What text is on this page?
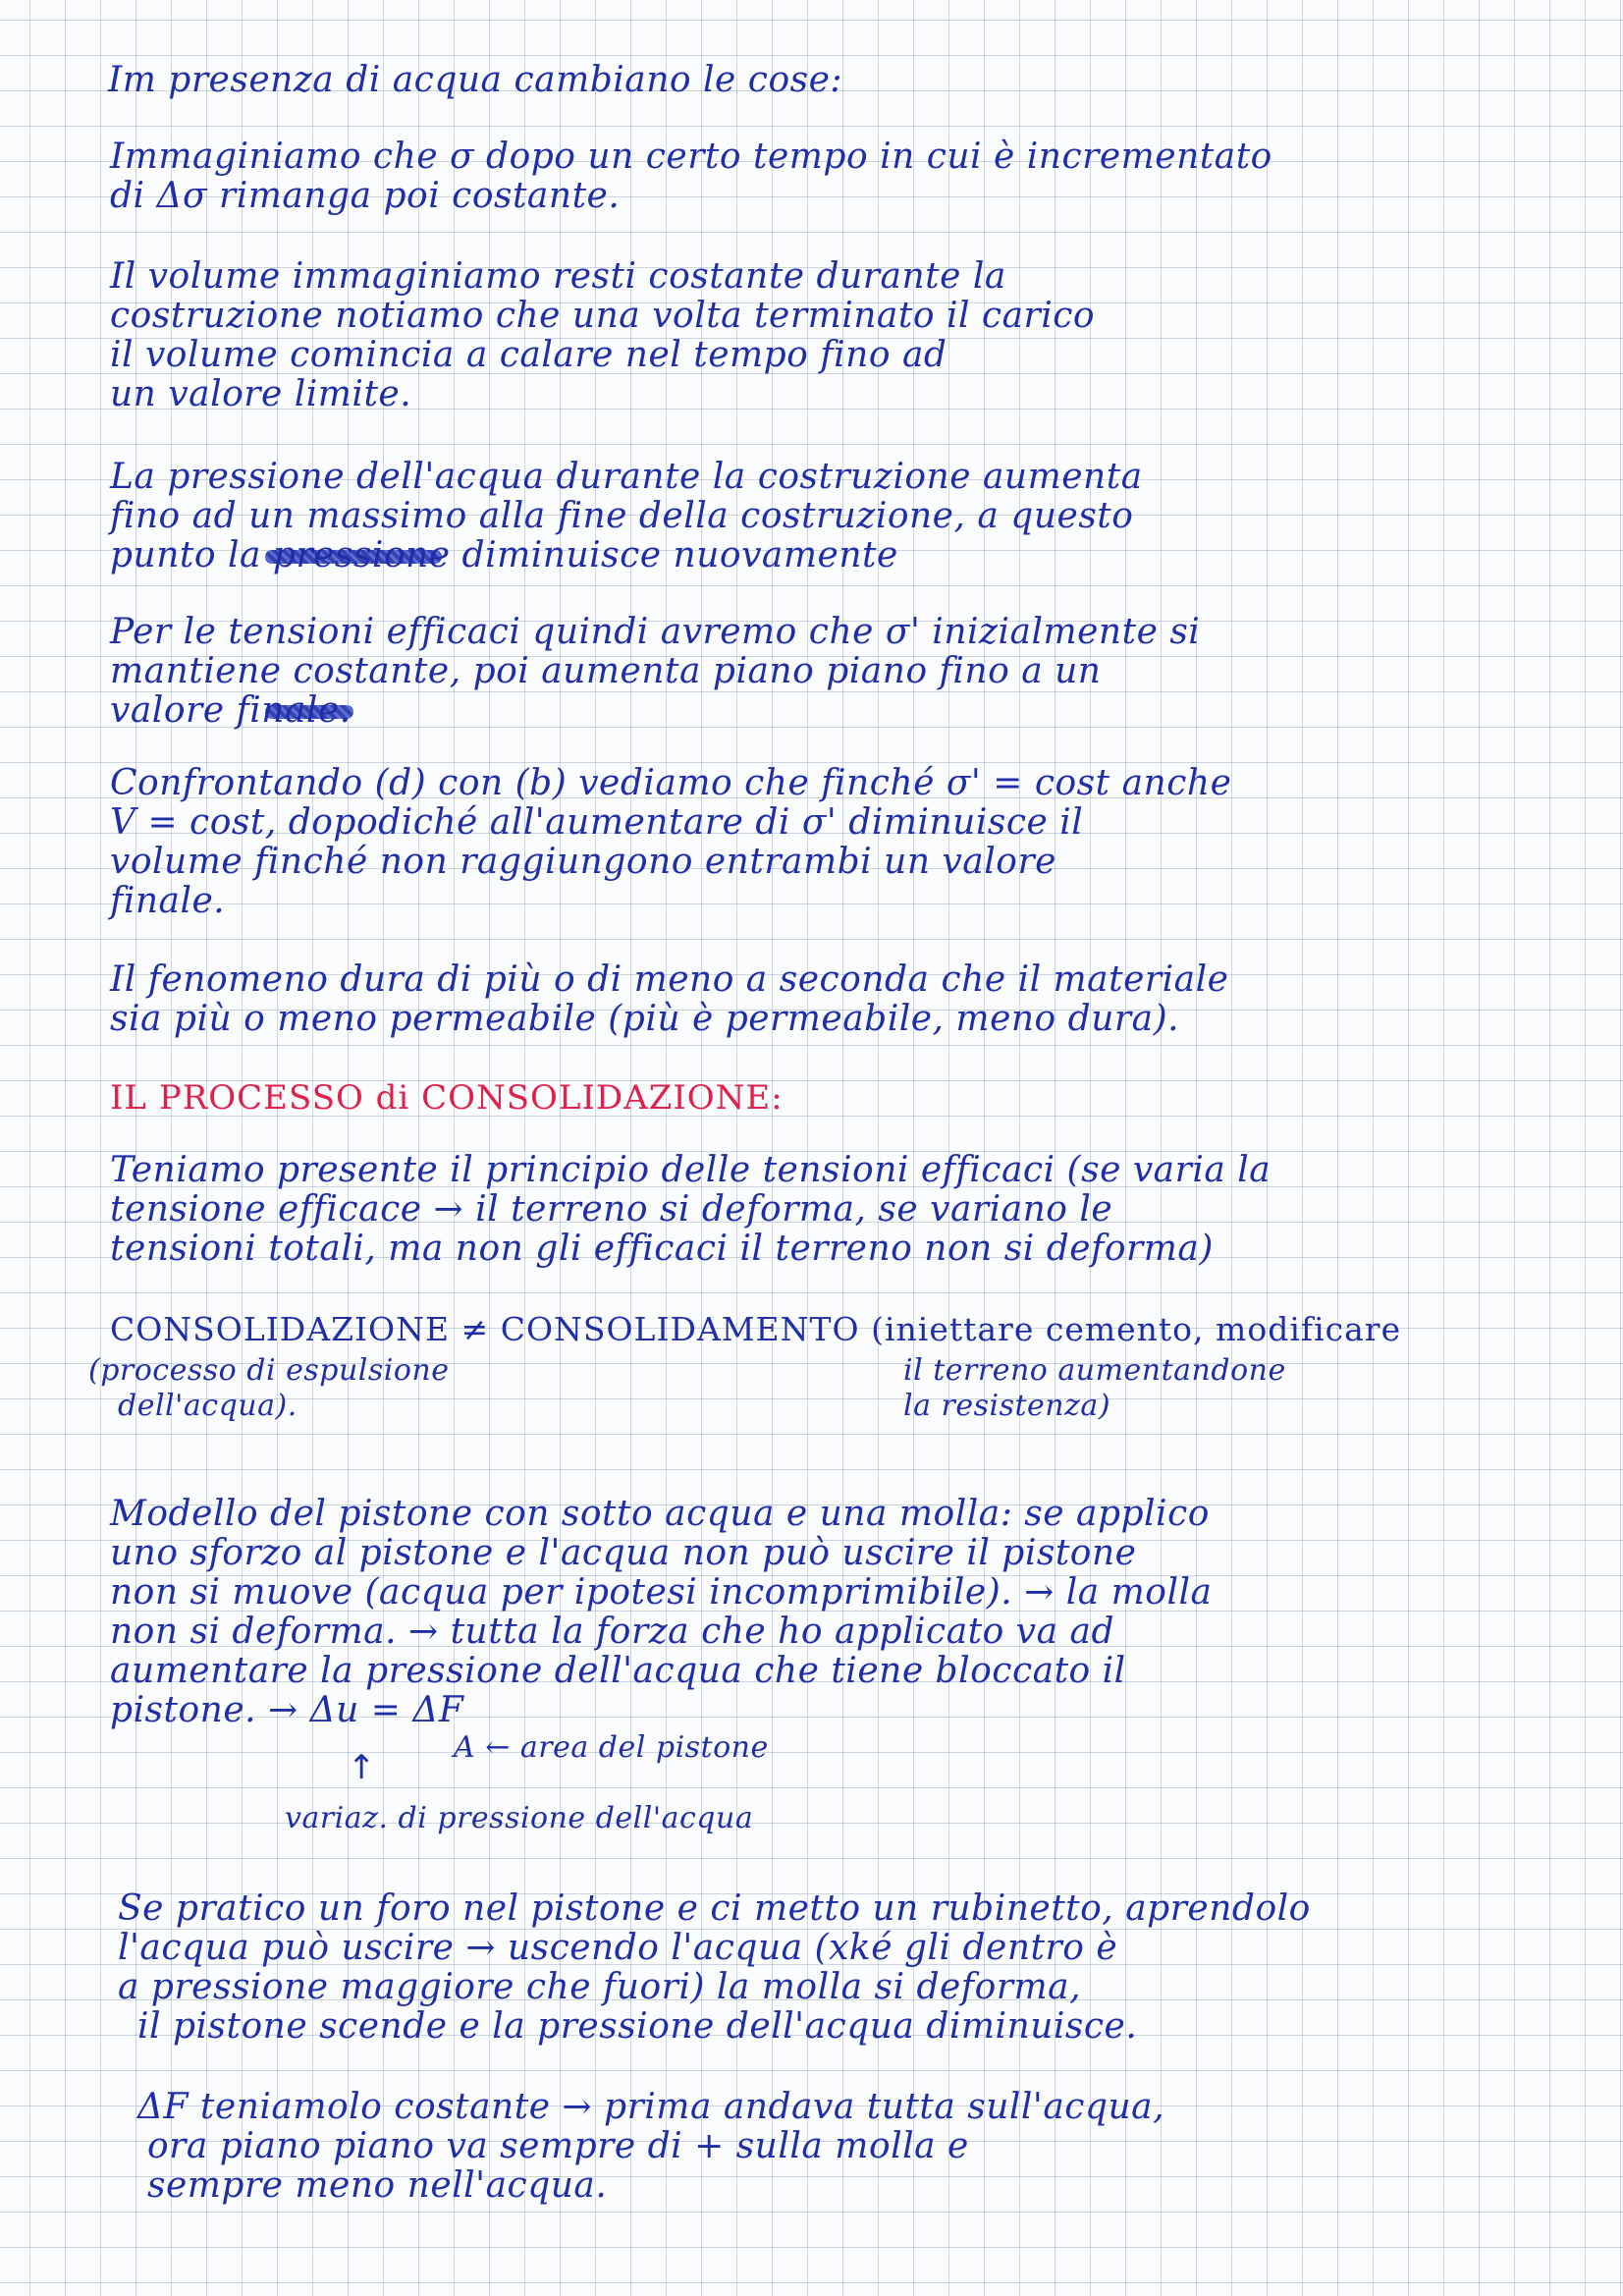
Im presenza di acqua cambiano le cose:
Immaginiamo che σ dopo un certo tempo in cui è incrementato
di Δσ rimanga poi costante.
Il volume immaginiamo resti costante durante la
costruzione notiamo che una volta terminato il carico
il volume comincia a calare nel tempo fino ad
un valore limite.
La pressione dell'acqua durante la costruzione aumenta
fino ad un massimo alla fine della costruzione, a questo
punto la pressione diminuisce nuovamente
Per le tensioni efficaci quindi avremo che σ' inizialmente si
mantiene costante, poi aumenta piano piano fino a un
valore finale.
Confrontando (d) con (b) vediamo che finché σ' = cost anche
V = cost, dopodiché all'aumentare di σ' diminuisce il
volume finché non raggiungono entrambi un valore
finale.
Il fenomeno dura di più o di meno a seconda che il materiale
sia più o meno permeabile (più è permeabile, meno dura).
IL PROCESSO di CONSOLIDAZIONE:
Teniamo presente il principio delle tensioni efficaci (se varia la
tensione efficace → il terreno si deforma, se variano le
tensioni totali, ma non gli efficaci il terreno non si deforma)
CONSOLIDAZIONE ≠ CONSOLIDAMENTO (iniettare cemento, modificare
(processo di espulsione
dell'acqua).
il terreno aumentandone
la resistenza)
Modello del pistone con sotto acqua e una molla: se applico
uno sforzo al pistone e l'acqua non può uscire il pistone
non si muove (acqua per ipotesi incomprimibile). → la molla
non si deforma. → tutta la forza che ho applicato va ad
aumentare la pressione dell'acqua che tiene bloccato il
pistone. → Δu = ΔF
A ← area del pistone
↑
variaz. di pressione dell'acqua
Se pratico un foro nel pistone e ci metto un rubinetto, aprendolo
l'acqua può uscire → uscendo l'acqua (xké gli dentro è
a pressione maggiore che fuori) la molla si deforma,
il pistone scende e la pressione dell'acqua diminuisce.
ΔF teniamolo costante → prima andava tutta sull'acqua,
ora piano piano va sempre di + sulla molla e
sempre meno nell'acqua.
